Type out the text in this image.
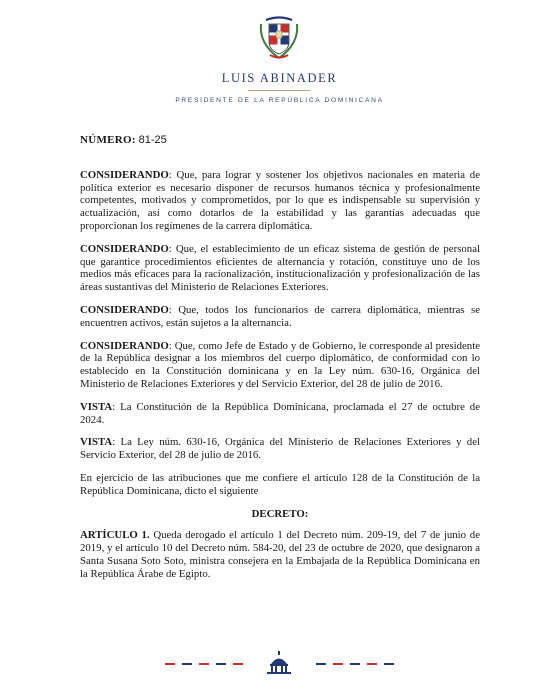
LUIS ABINADER
PRESIDENTE DE LA REPÚBLICA DOMINICANA
NÚMERO: 81-25

CONSIDERANDO: Que, para lograr y sostener los objetivos nacionales en materia de política exterior es necesario disponer de recursos humanos técnica y profesionalmente competentes, motivados y comprometidos, por lo que es indispensable su supervisión y actualización, así como dotarlos de la estabilidad y las garantías adecuadas que proporcionan los regímenes de la carrera diplomática.

CONSIDERANDO: Que, el establecimiento de un eficaz sistema de gestión de personal que garantice procedimientos eficientes de alternancia y rotación, constituye uno de los medios más eficaces para la racionalización, institucionalización y profesionalización de las áreas sustantivas del Ministerio de Relaciones Exteriores.

CONSIDERANDO: Que, todos los funcionarios de carrera diplomática, mientras se encuentren activos, están sujetos a la alternancia.

CONSIDERANDO: Que, como Jefe de Estado y de Gobierno, le corresponde al presidente de la República designar a los miembros del cuerpo diplomático, de conformidad con lo establecido en la Constitución dominicana y en la Ley núm. 630-16, Orgánica del Ministerio de Relaciones Exteriores y del Servicio Exterior, del 28 de julio de 2016.

VISTA: La Constitución de la República Dominicana, proclamada el 27 de octubre de 2024.

VISTA: La Ley núm. 630-16, Orgánica del Ministerio de Relaciones Exteriores y del Servicio Exterior, del 28 de julio de 2016.

En ejercicio de las atribuciones que me confiere el artículo 128 de la Constitución de la República Dominicana, dicto el siguiente

DECRETO:

ARTÍCULO 1. Queda derogado el artículo 1 del Decreto núm. 209-19, del 7 de junio de 2019, y el artículo 10 del Decreto núm. 584-20, del 23 de octubre de 2020, que designaron a Santa Susana Soto Soto, ministra consejera en la Embajada de la República Dominicana en la República Árabe de Egipto.
